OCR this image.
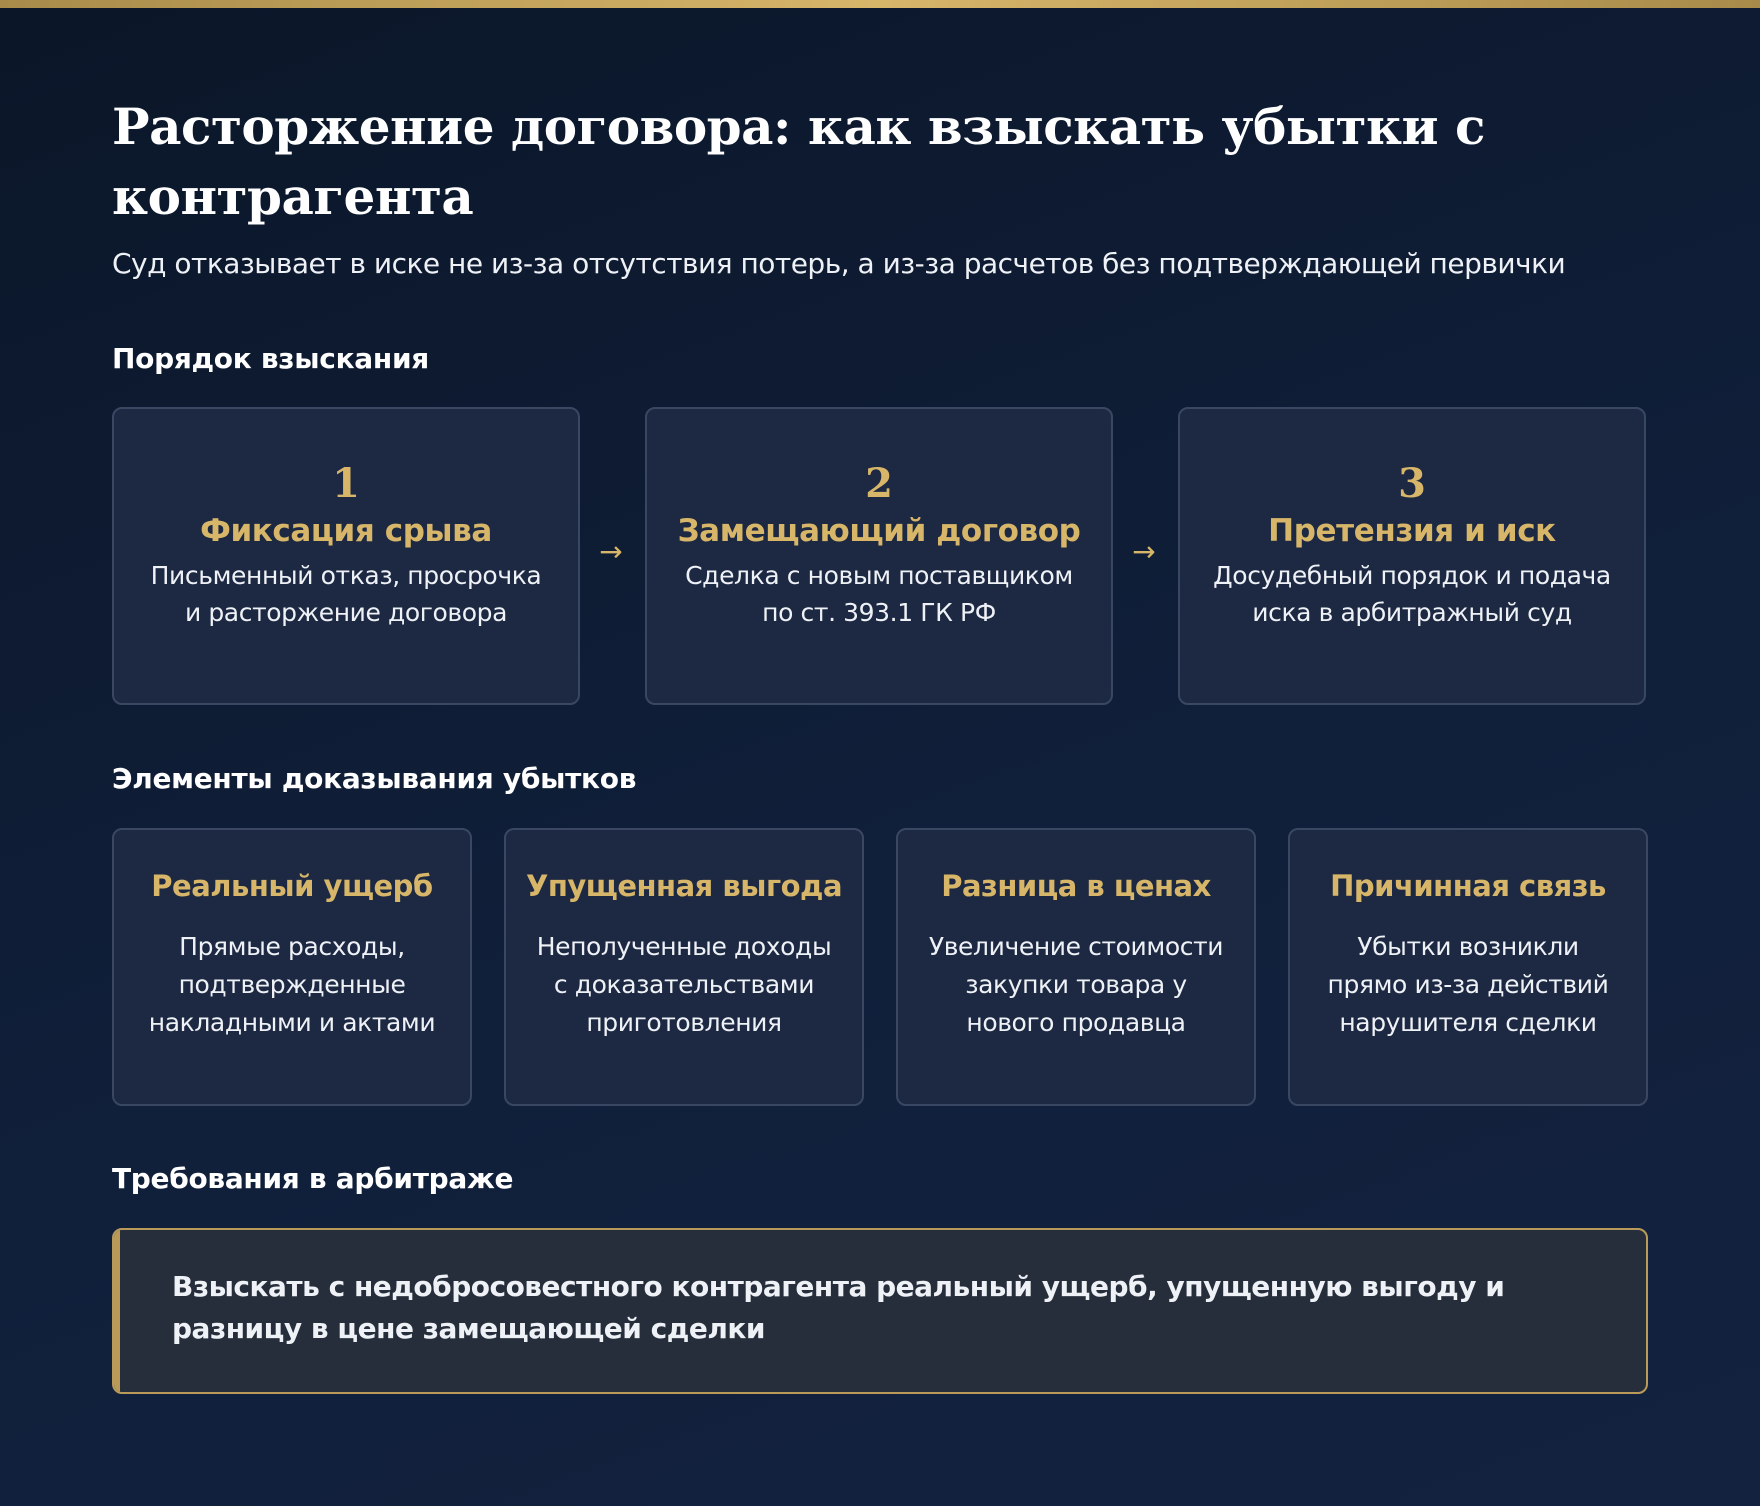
Расторжение договора: как взыскать убытки с контрагента

Суд отказывает в иске не из-за отсутствия потерь, а из-за расчетов без подтверждающей первички

Порядок взыскания
1
Фиксация срыва
Письменный отказ, просрочка и расторжение договора
→
2
Замещающий договор
Сделка с новым поставщиком по ст. 393.1 ГК РФ
→
3
Претензия и иск
Досудебный порядок и подача иска в арбитражный суд
Элементы доказывания убытков
Реальный ущерб
Прямые расходы, подтвержденные накладными и актами
Упущенная выгода
Неполученные доходы с доказательствами приготовления
Разница в ценах
Увеличение стоимости закупки товара у нового продавца
Причинная связь
Убытки возникли прямо из-за действий нарушителя сделки
Требования в арбитраже
Взыскать с недобросовестного контрагента реальный ущерб, упущенную выгоду и разницу в цене замещающей сделки
